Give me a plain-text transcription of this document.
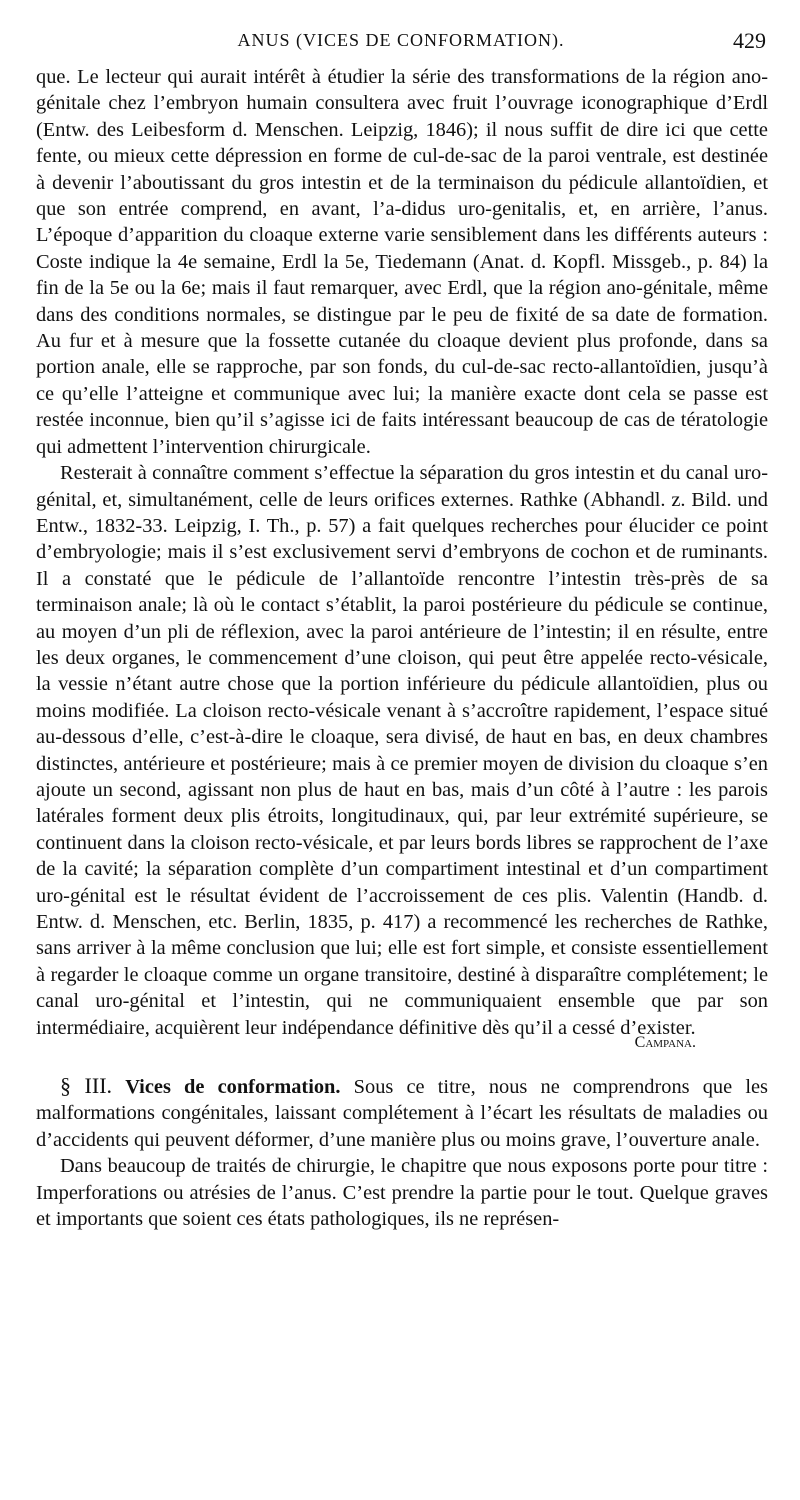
ANUS (VICES DE CONFORMATION).	429

que. Le lecteur qui aurait intérêt à étudier la série des transformations de la région ano-génitale chez l’embryon humain consultera avec fruit l’ouvrage iconographique d’Erdl (Entw. des Leibesform d. Menschen. Leipzig, 1846); il nous suffit de dire ici que cette fente, ou mieux cette dépression en forme de cul-de-sac de la paroi ventrale, est destinée à devenir l’aboutissant du gros intestin et de la terminaison du pédicule allantoïdien, et que son entrée comprend, en avant, l’a-didus uro-genitalis, et, en arrière, l’anus. L’époque d’apparition du cloaque externe varie sensiblement dans les différents auteurs : Coste indique la 4e semaine, Erdl la 5e, Tiedemann (Anat. d. Kopfl. Missgeb., p. 84) la fin de la 5e ou la 6e; mais il faut remarquer, avec Erdl, que la région ano-génitale, même dans des conditions normales, se distingue par le peu de fixité de sa date de formation. Au fur et à mesure que la fossette cutanée du cloaque devient plus profonde, dans sa portion anale, elle se rapproche, par son fonds, du cul-de-sac recto-allantoïdien, jusqu’à ce qu’elle l’atteigne et communique avec lui; la manière exacte dont cela se passe est restée inconnue, bien qu’il s’agisse ici de faits intéressant beaucoup de cas de tératologie qui admettent l’intervention chirurgicale.

Resterait à connaître comment s’effectue la séparation du gros intestin et du canal uro-génital, et, simultanément, celle de leurs orifices externes. Rathke (Abhandl. z. Bild. und Entw., 1832-33. Leipzig, I. Th., p. 57) a fait quelques recherches pour élucider ce point d’embryologie; mais il s’est exclusivement servi d’embryons de cochon et de ruminants. Il a constaté que le pédicule de l’allantoïde rencontre l’intestin très-près de sa terminaison anale; là où le contact s’établit, la paroi postérieure du pédicule se continue, au moyen d’un pli de réflexion, avec la paroi antérieure de l’intestin; il en résulte, entre les deux organes, le commencement d’une cloison, qui peut être appelée recto-vésicale, la vessie n’étant autre chose que la portion inférieure du pédicule allantoïdien, plus ou moins modifiée. La cloison recto-vésicale venant à s’accroître rapidement, l’espace situé au-dessous d’elle, c’est-à-dire le cloaque, sera divisé, de haut en bas, en deux chambres distinctes, antérieure et postérieure; mais à ce premier moyen de division du cloaque s’en ajoute un second, agissant non plus de haut en bas, mais d’un côté à l’autre : les parois latérales forment deux plis étroits, longitudinaux, qui, par leur extrémité supérieure, se continuent dans la cloison recto-vésicale, et par leurs bords libres se rapprochent de l’axe de la cavité; la séparation complète d’un compartiment intestinal et d’un compartiment uro-génital est le résultat évident de l’accroissement de ces plis. Valentin (Handb. d. Entw. d. Menschen, etc. Berlin, 1835, p. 417) a recommencé les recherches de Rathke, sans arriver à la même conclusion que lui; elle est fort simple, et consiste essentiellement à regarder le cloaque comme un organe transitoire, destiné à disparaître complétement; le canal uro-génital et l’intestin, qui ne communiquaient ensemble que par son intermédiaire, acquièrent leur indépendance définitive dès qu’il a cessé d’exister.

Campana.

§ III. Vices de conformation. Sous ce titre, nous ne comprendrons que les malformations congénitales, laissant complétement à l’écart les résultats de maladies ou d’accidents qui peuvent déformer, d’une manière plus ou moins grave, l’ouverture anale.

Dans beaucoup de traités de chirurgie, le chapitre que nous exposons porte pour titre : Imperforations ou atrésies de l’anus. C’est prendre la partie pour le tout. Quelque graves et importants que soient ces états pathologiques, ils ne représen-
